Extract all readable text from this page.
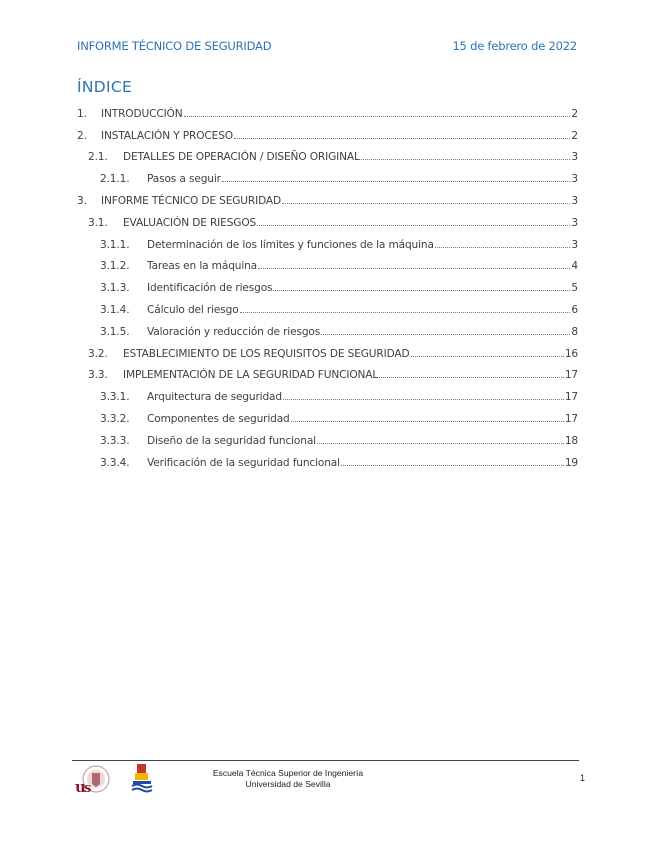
INFORME TÉCNICO DE SEGURIDAD	15 de febrero de 2022
ÍNDICE
1.	INTRODUCCIÓN	2
2.	INSTALACIÓN Y PROCESO	2
2.1.	DETALLES DE OPERACIÓN / DISEÑO ORIGINAL	3
2.1.1.	Pasos a seguir	3
3.	INFORME TÉCNICO DE SEGURIDAD	3
3.1.	EVALUACIÓN DE RIESGOS	3
3.1.1.	Determinación de los límites y funciones de la máquina	3
3.1.2.	Tareas en la máquina	4
3.1.3.	Identificación de riesgos	5
3.1.4.	Cálculo del riesgo	6
3.1.5.	Valoración y reducción de riesgos	8
3.2.	ESTABLECIMIENTO DE LOS REQUISITOS DE SEGURIDAD	16
3.3.	IMPLEMENTACIÓN DE LA SEGURIDAD FUNCIONAL	17
3.3.1.	Arquitectura de seguridad	17
3.3.2.	Componentes de seguridad	17
3.3.3.	Diseño de la seguridad funcional	18
3.3.4.	Verificación de la seguridad funcional	19
u
s
Escuela Técnica Superior de Ingeniería
Universidad de Sevilla
1
